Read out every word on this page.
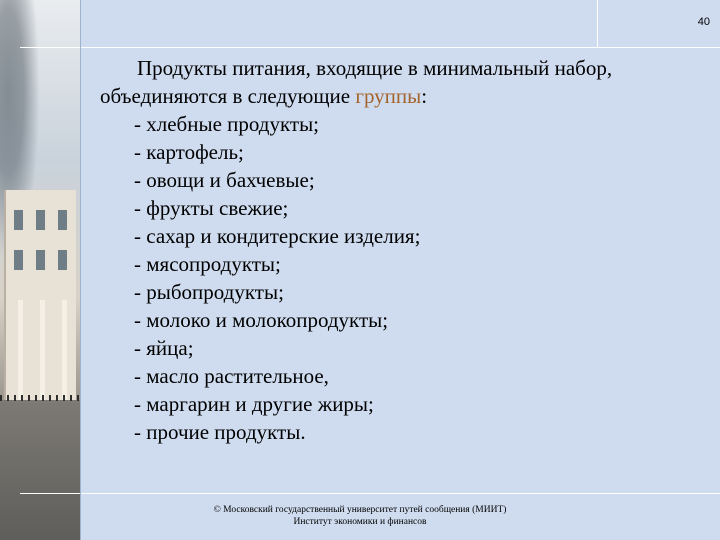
40

Продукты питания, входящие в минимальный набор, объединяются в следующие группы:

- хлебные продукты;
- картофель;
- овощи и бахчевые;
- фрукты свежие;
- сахар и кондитерские изделия;
- мясопродукты;
- рыбопродукты;
- молоко и молокопродукты;
- яйца;
- масло растительное,
- маргарин и другие жиры;
- прочие продукты.
© Московский государственный университет путей сообщения (МИИТ)
Институт экономики и финансов
